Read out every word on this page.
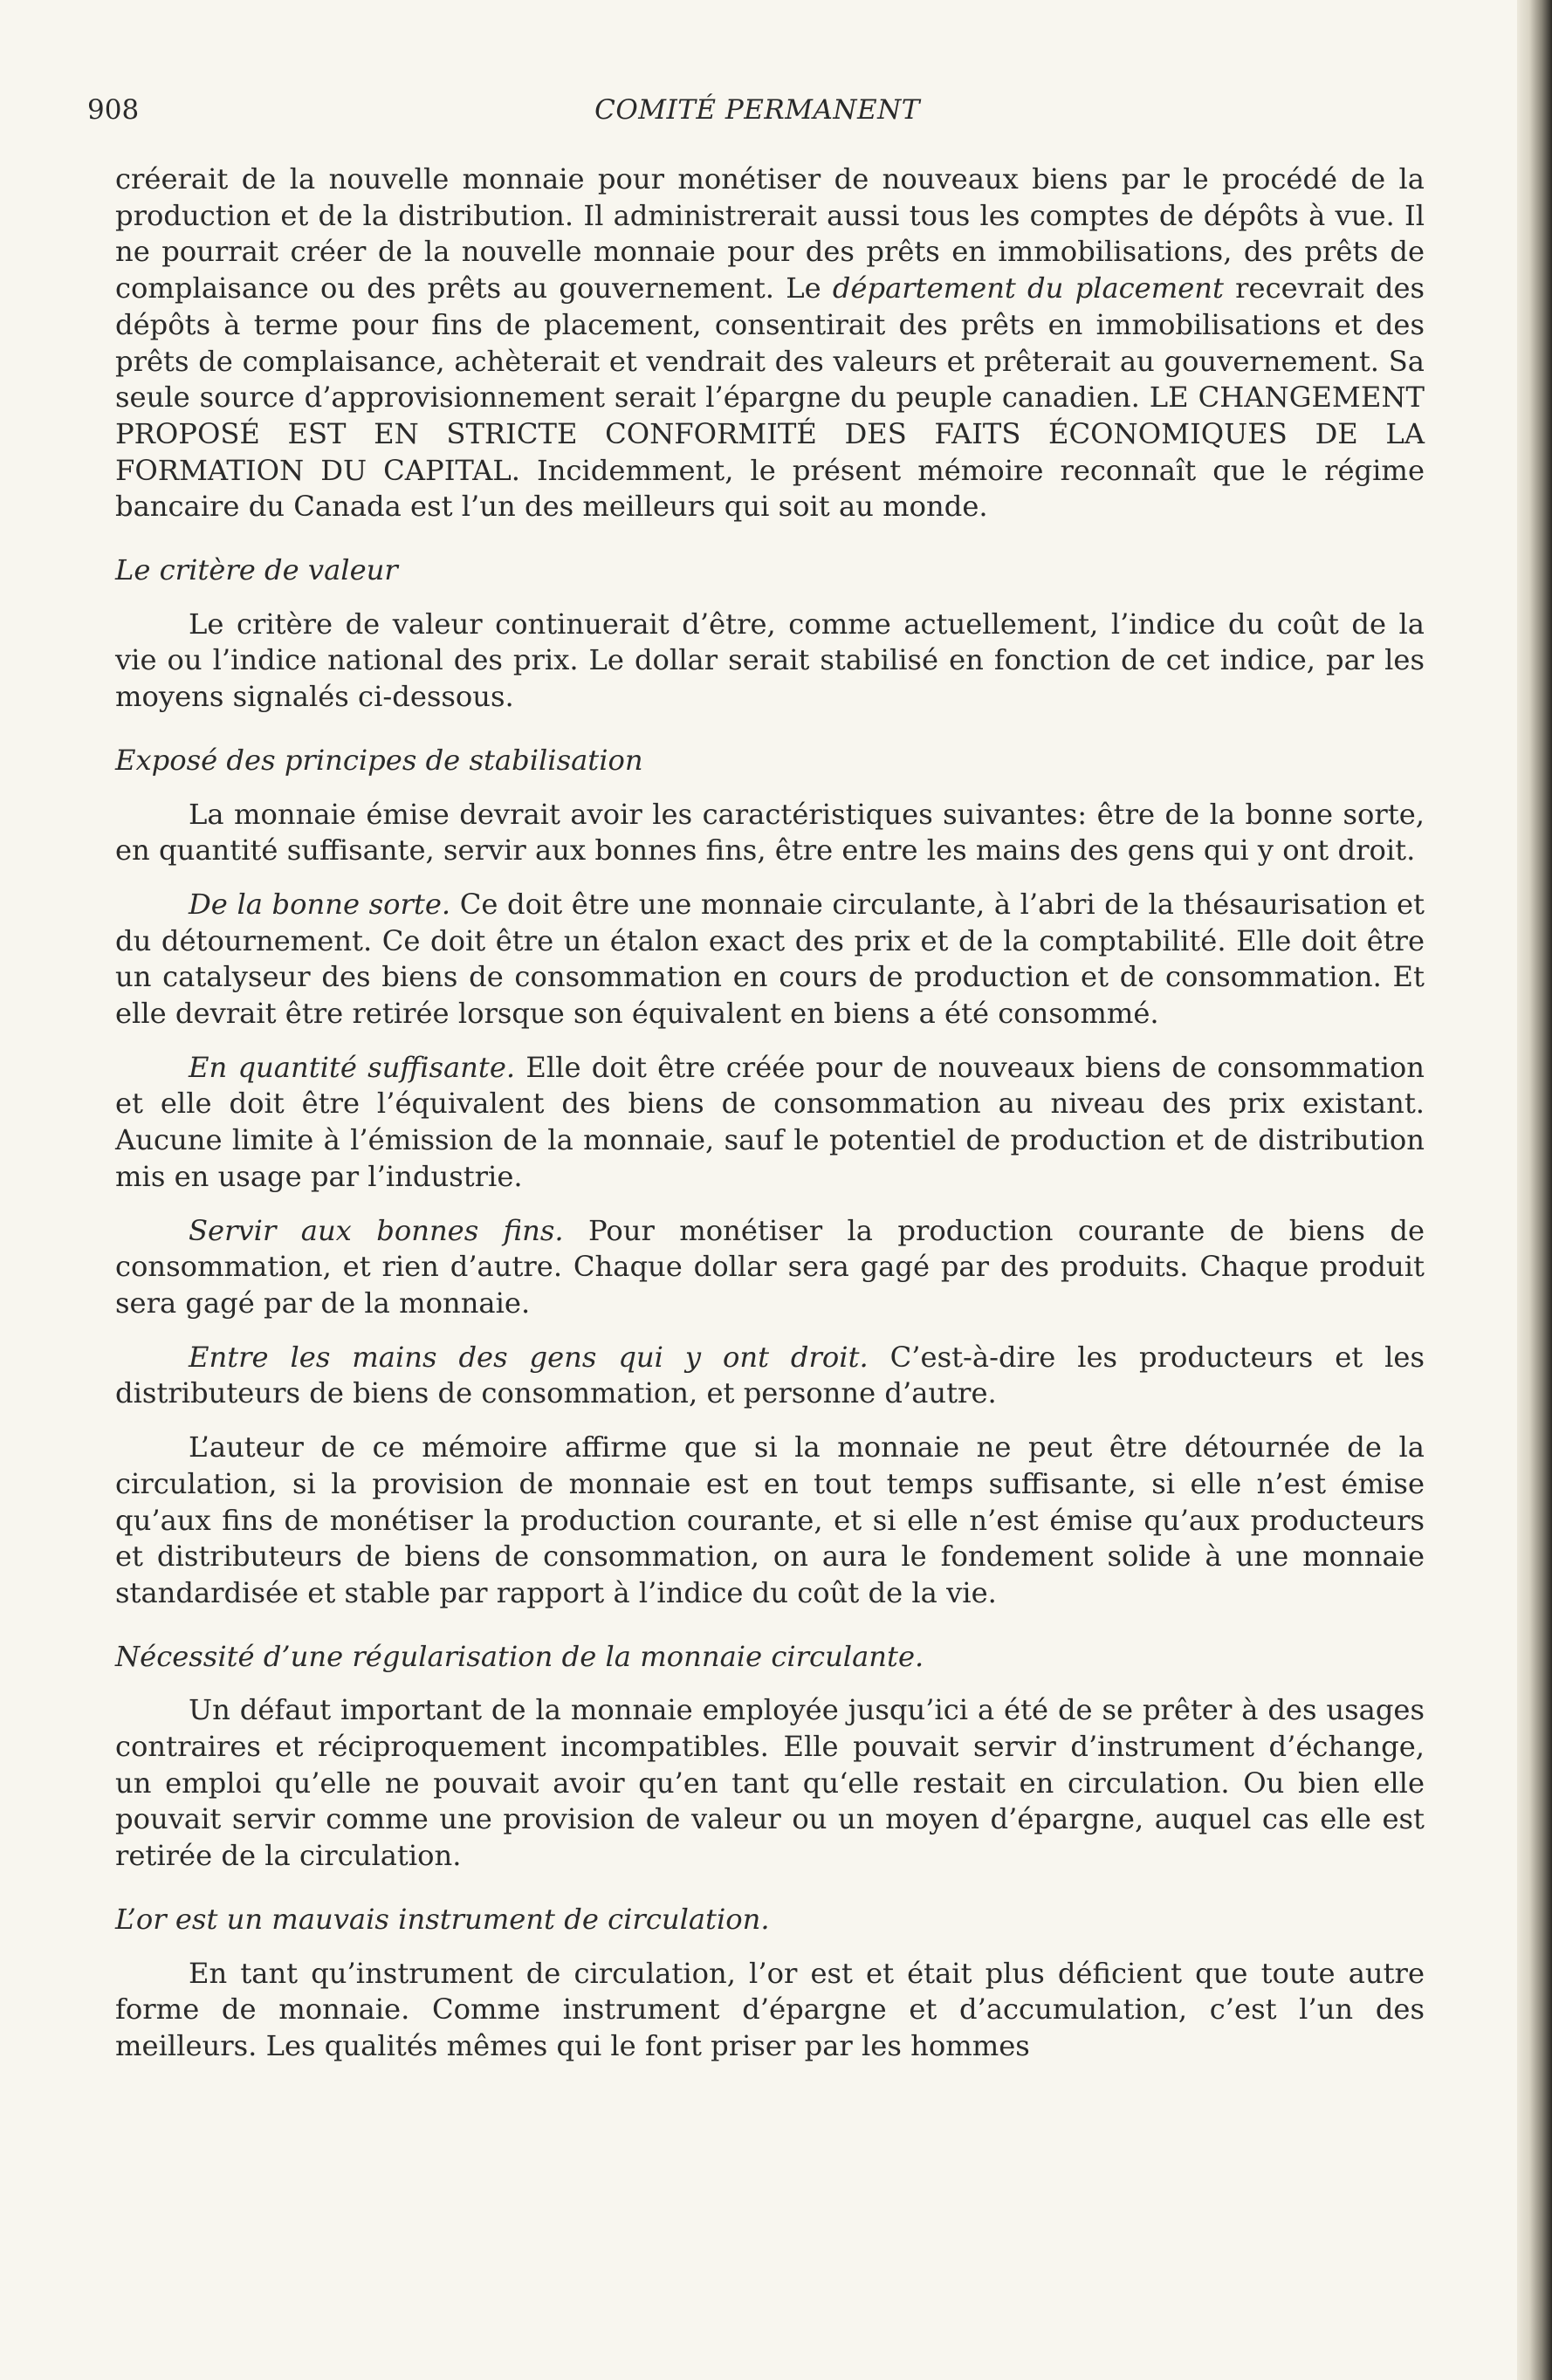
908	COMITÉ PERMANENT

créerait de la nouvelle monnaie pour monétiser de nouveaux biens par le procédé de la production et de la distribution. Il administrerait aussi tous les comptes de dépôts à vue. Il ne pourrait créer de la nouvelle monnaie pour des prêts en immobilisations, des prêts de complaisance ou des prêts au gouvernement. Le département du placement recevrait des dépôts à terme pour fins de placement, consentirait des prêts en immobilisations et des prêts de complaisance, achèterait et vendrait des valeurs et prêterait au gouvernement. Sa seule source d’approvisionnement serait l’épargne du peuple canadien. LE CHANGEMENT PROPOSÉ EST EN STRICTE CONFORMITÉ DES FAITS ÉCONOMIQUES DE LA FORMATION DU CAPITAL. Incidemment, le présent mémoire reconnaît que le régime bancaire du Canada est l’un des meilleurs qui soit au monde.

Le critère de valeur

Le critère de valeur continuerait d’être, comme actuellement, l’indice du coût de la vie ou l’indice national des prix. Le dollar serait stabilisé en fonction de cet indice, par les moyens signalés ci-dessous.

Exposé des principes de stabilisation

La monnaie émise devrait avoir les caractéristiques suivantes: être de la bonne sorte, en quantité suffisante, servir aux bonnes fins, être entre les mains des gens qui y ont droit.

De la bonne sorte. Ce doit être une monnaie circulante, à l’abri de la thésaurisation et du détournement. Ce doit être un étalon exact des prix et de la comptabilité. Elle doit être un catalyseur des biens de consommation en cours de production et de consommation. Et elle devrait être retirée lorsque son équivalent en biens a été consommé.

En quantité suffisante. Elle doit être créée pour de nouveaux biens de consommation et elle doit être l’équivalent des biens de consommation au niveau des prix existant. Aucune limite à l’émission de la monnaie, sauf le potentiel de production et de distribution mis en usage par l’industrie.

Servir aux bonnes fins. Pour monétiser la production courante de biens de consommation, et rien d’autre. Chaque dollar sera gagé par des produits. Chaque produit sera gagé par de la monnaie.

Entre les mains des gens qui y ont droit. C’est-à-dire les producteurs et les distributeurs de biens de consommation, et personne d’autre.

L’auteur de ce mémoire affirme que si la monnaie ne peut être détournée de la circulation, si la provision de monnaie est en tout temps suffisante, si elle n’est émise qu’aux fins de monétiser la production courante, et si elle n’est émise qu’aux producteurs et distributeurs de biens de consommation, on aura le fondement solide à une monnaie standardisée et stable par rapport à l’indice du coût de la vie.

Nécessité d’une régularisation de la monnaie circulante.

Un défaut important de la monnaie employée jusqu’ici a été de se prêter à des usages contraires et réciproquement incompatibles. Elle pouvait servir d’instrument d’échange, un emploi qu’elle ne pouvait avoir qu’en tant qu‘elle restait en circulation. Ou bien elle pouvait servir comme une provision de valeur ou un moyen d’épargne, auquel cas elle est retirée de la circulation.

L’or est un mauvais instrument de circulation.

En tant qu’instrument de circulation, l’or est et était plus déficient que toute autre forme de monnaie. Comme instrument d’épargne et d’accumulation, c’est l’un des meilleurs. Les qualités mêmes qui le font priser par les hommes
